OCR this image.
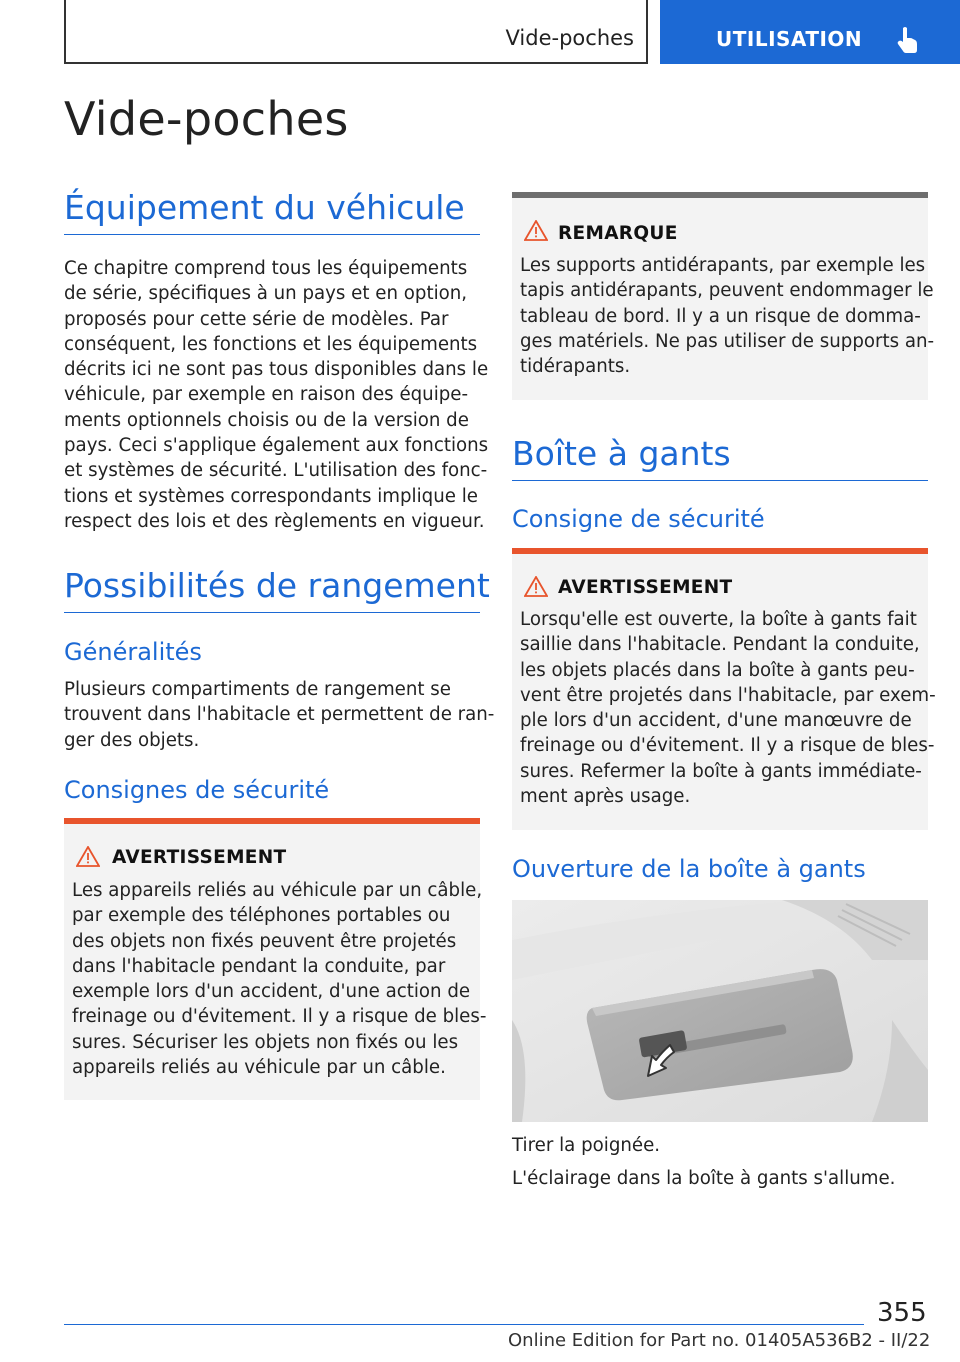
Vide-poches	UTILISATION
Vide-poches
Équipement du véhicule
Ce chapitre comprend tous les équipements
de série, spécifiques à un pays et en option,
proposés pour cette série de modèles. Par
conséquent, les fonctions et les équipements
décrits ici ne sont pas tous disponibles dans le
véhicule, par exemple en raison des équipe-
ments optionnels choisis ou de la version de
pays. Ceci s'applique également aux fonctions
et systèmes de sécurité. L'utilisation des fonc-
tions et systèmes correspondants implique le
respect des lois et des règlements en vigueur.
Possibilités de rangement
Généralités
Plusieurs compartiments de rangement se
trouvent dans l'habitacle et permettent de ran-
ger des objets.
Consignes de sécurité
AVERTISSEMENT
Les appareils reliés au véhicule par un câble,
par exemple des téléphones portables ou
des objets non fixés peuvent être projetés
dans l'habitacle pendant la conduite, par
exemple lors d'un accident, d'une action de
freinage ou d'évitement. Il y a risque de bles-
sures. Sécuriser les objets non fixés ou les
appareils reliés au véhicule par un câble.
REMARQUE
Les supports antidérapants, par exemple les
tapis antidérapants, peuvent endommager le
tableau de bord. Il y a un risque de domma-
ges matériels. Ne pas utiliser de supports an-
tidérapants.
Boîte à gants
Consigne de sécurité
AVERTISSEMENT
Lorsqu'elle est ouverte, la boîte à gants fait
saillie dans l'habitacle. Pendant la conduite,
les objets placés dans la boîte à gants peu-
vent être projetés dans l'habitacle, par exem-
ple lors d'un accident, d'une manœuvre de
freinage ou d'évitement. Il y a risque de bles-
sures. Refermer la boîte à gants immédiate-
ment après usage.
Ouverture de la boîte à gants
Tirer la poignée.
L'éclairage dans la boîte à gants s'allume.
355
Online Edition for Part no. 01405A536B2 - II/22
